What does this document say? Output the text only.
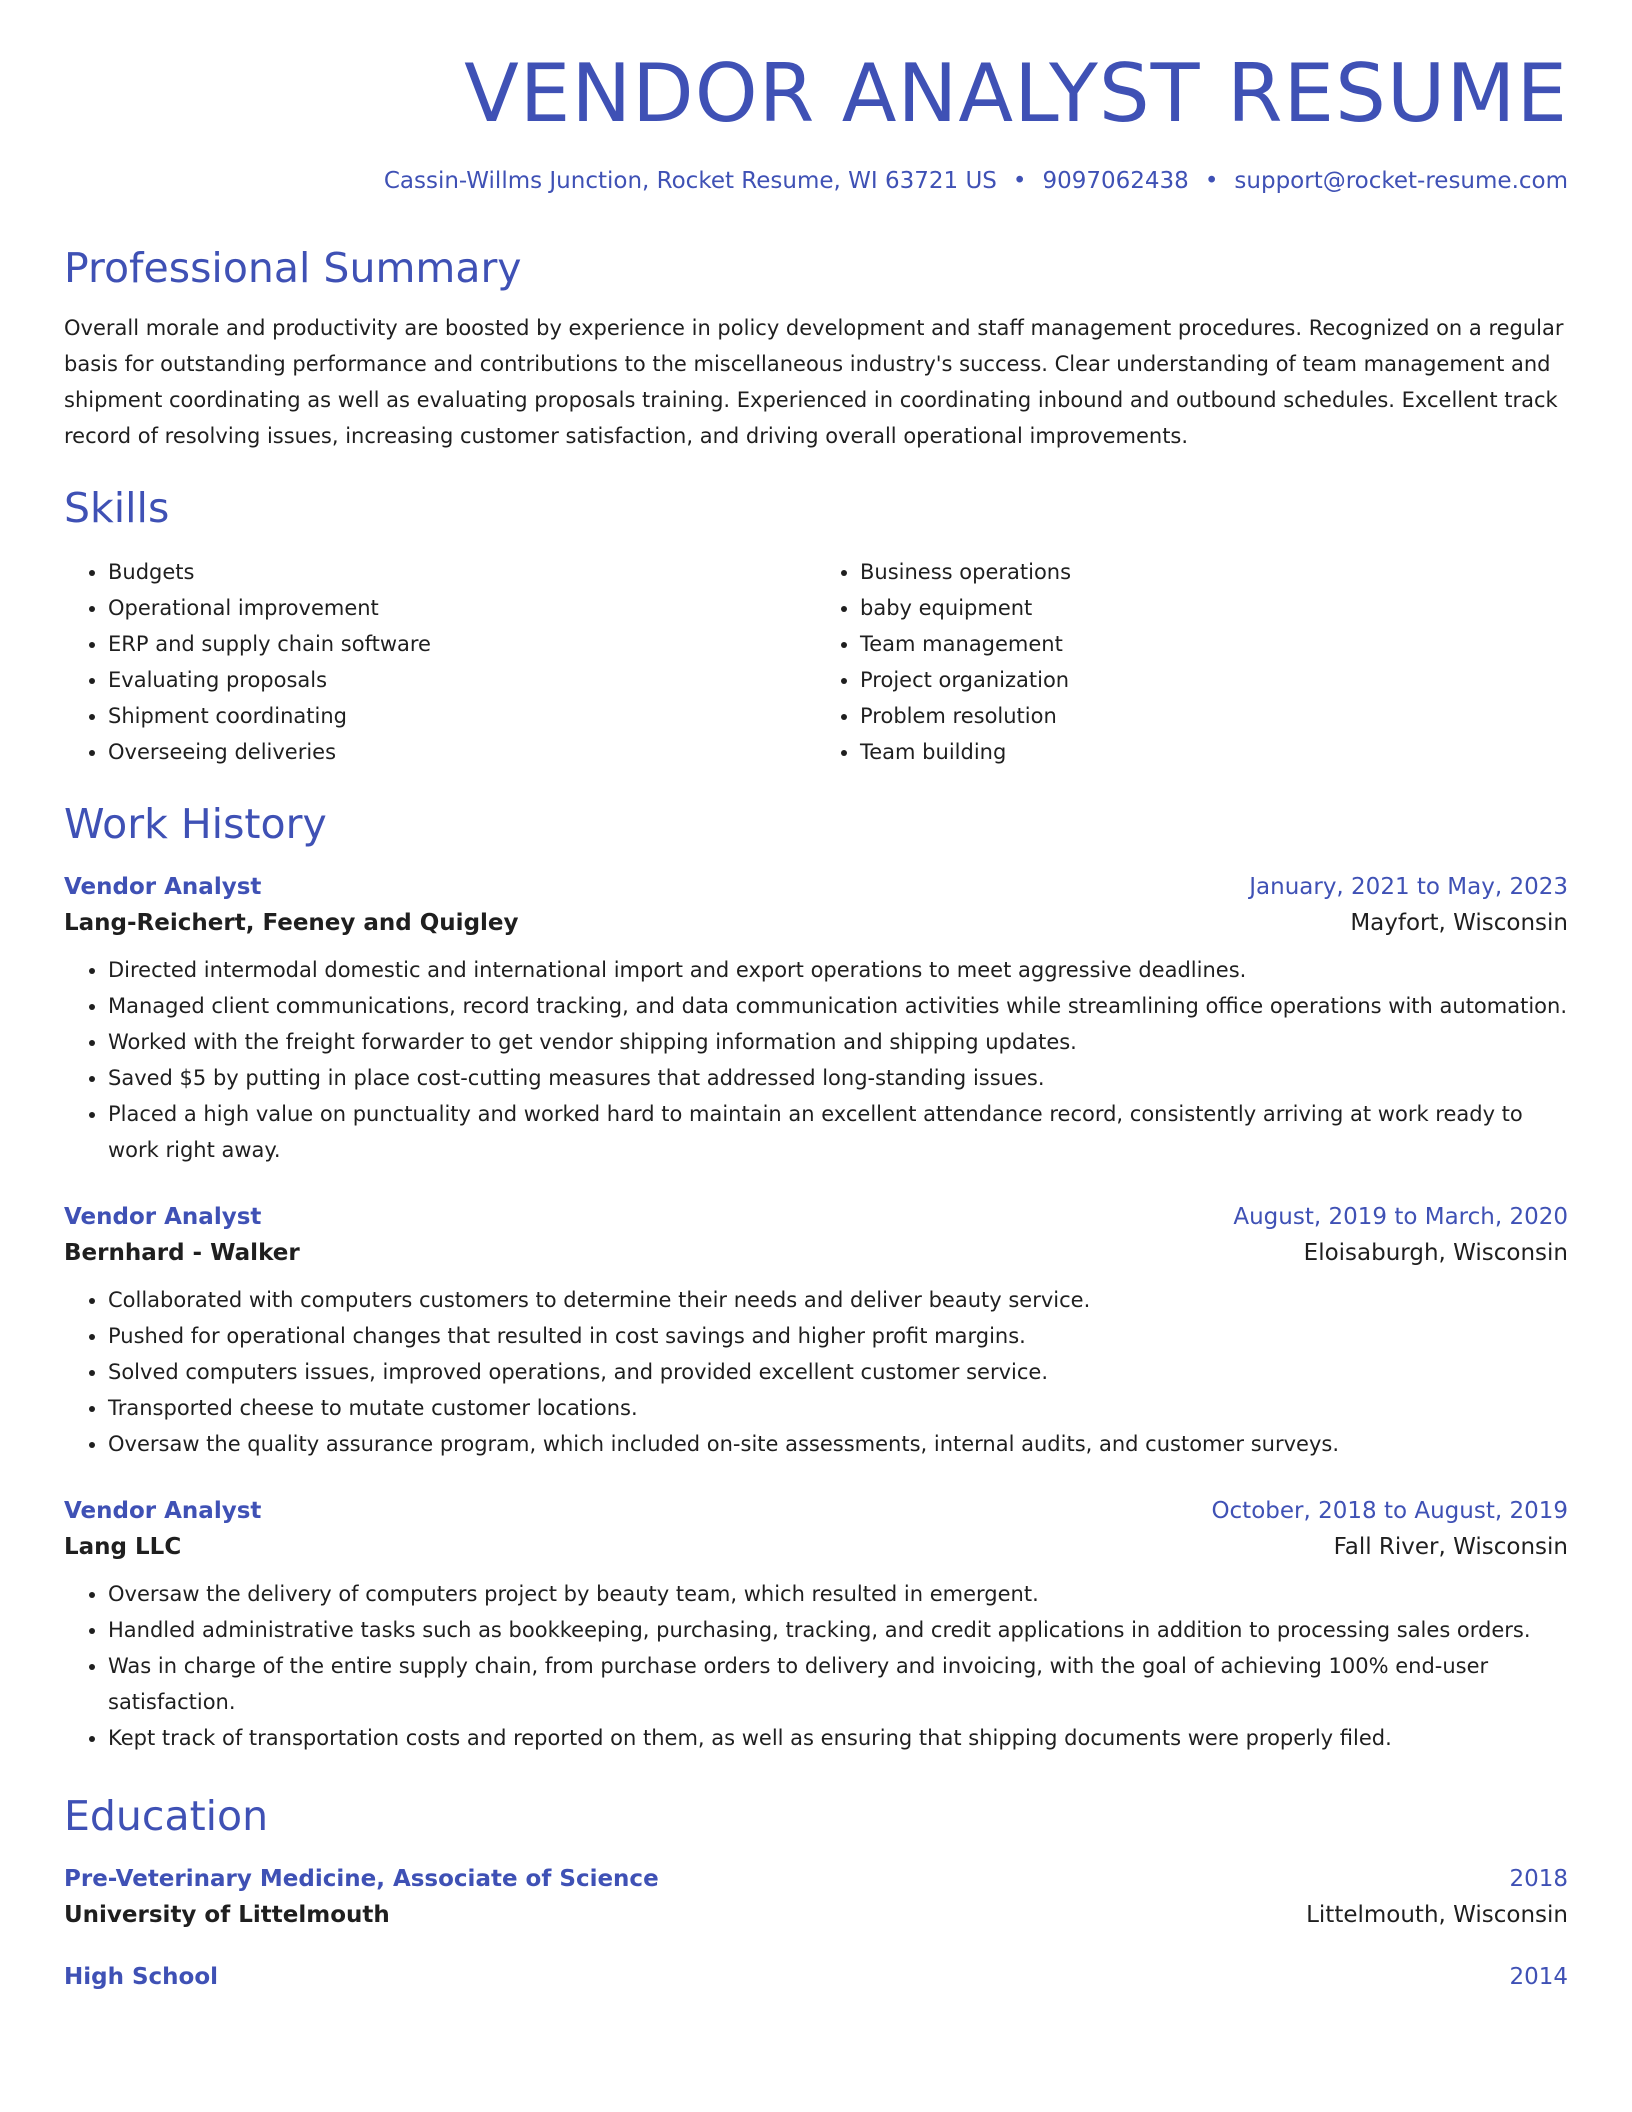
VENDOR ANALYST RESUME
Cassin-Willms Junction, Rocket Resume, WI 63721 US • 9097062438 • support@rocket-resume.com
Professional Summary
Overall morale and productivity are boosted by experience in policy development and staff management procedures. Recognized on a regular basis for outstanding performance and contributions to the miscellaneous industry's success. Clear understanding of team management and shipment coordinating as well as evaluating proposals training. Experienced in coordinating inbound and outbound schedules. Excellent track record of resolving issues, increasing customer satisfaction, and driving overall operational improvements.
Skills
• Budgets
• Operational improvement
• ERP and supply chain software
• Evaluating proposals
• Shipment coordinating
• Overseeing deliveries
• Business operations
• baby equipment
• Team management
• Project organization
• Problem resolution
• Team building
Work History
Vendor Analyst	January, 2021 to May, 2023
Lang-Reichert, Feeney and Quigley	Mayfort, Wisconsin
• Directed intermodal domestic and international import and export operations to meet aggressive deadlines.
• Managed client communications, record tracking, and data communication activities while streamlining office operations with automation.
• Worked with the freight forwarder to get vendor shipping information and shipping updates.
• Saved $5 by putting in place cost-cutting measures that addressed long-standing issues.
• Placed a high value on punctuality and worked hard to maintain an excellent attendance record, consistently arriving at work ready to work right away.
Vendor Analyst	August, 2019 to March, 2020
Bernhard - Walker	Eloisaburgh, Wisconsin
• Collaborated with computers customers to determine their needs and deliver beauty service.
• Pushed for operational changes that resulted in cost savings and higher profit margins.
• Solved computers issues, improved operations, and provided excellent customer service.
• Transported cheese to mutate customer locations.
• Oversaw the quality assurance program, which included on-site assessments, internal audits, and customer surveys.
Vendor Analyst	October, 2018 to August, 2019
Lang LLC	Fall River, Wisconsin
• Oversaw the delivery of computers project by beauty team, which resulted in emergent.
• Handled administrative tasks such as bookkeeping, purchasing, tracking, and credit applications in addition to processing sales orders.
• Was in charge of the entire supply chain, from purchase orders to delivery and invoicing, with the goal of achieving 100% end-user satisfaction.
• Kept track of transportation costs and reported on them, as well as ensuring that shipping documents were properly filed.
Education
Pre-Veterinary Medicine, Associate of Science	2018
University of Littelmouth	Littelmouth, Wisconsin
High School	2014
